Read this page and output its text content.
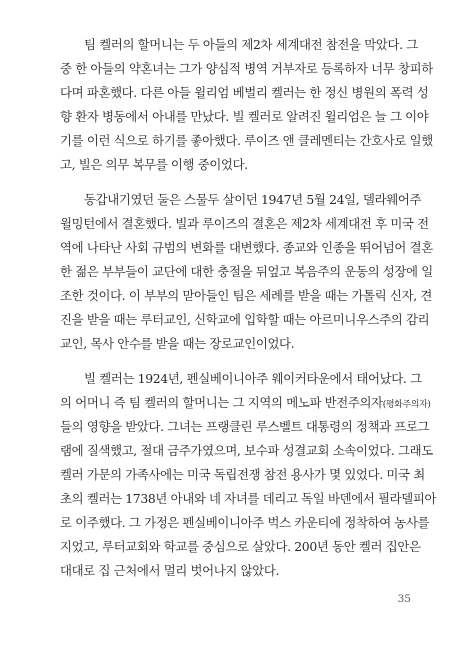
팀 켈러의 할머니는 두 아들의 제2차 세계대전 참전을 막았다. 그
중 한 아들의 약혼녀는 그가 양심적 병역 거부자로 등록하자 너무 창피하
다며 파혼했다. 다른 아들 윌리엄 베벌리 켈러는 한 정신 병원의 폭력 성
향 환자 병동에서 아내를 만났다. 빌 켈러로 알려진 윌리엄은 늘 그 이야
기를 이런 식으로 하기를 좋아했다. 루이즈 앤 클레멘티는 간호사로 일했
고, 빌은 의무 복무를 이행 중이었다.
동갑내기였던 둘은 스물두 살이던 1947년 5월 24일, 델라웨어주
윌밍턴에서 결혼했다. 빌과 루이즈의 결혼은 제2차 세계대전 후 미국 전
역에 나타난 사회 규범의 변화를 대변했다. 종교와 인종을 뛰어넘어 결혼
한 젊은 부부들이 교단에 대한 충절을 뒤엎고 복음주의 운동의 성장에 일
조한 것이다. 이 부부의 맏아들인 팀은 세례를 받을 때는 가톨릭 신자, 견
진을 받을 때는 루터교인, 신학교에 입학할 때는 아르미니우스주의 감리
교인, 목사 안수를 받을 때는 장로교인이었다.
빌 켈러는 1924년, 펜실베이니아주 웨이커타운에서 태어났다. 그
의 어머니 즉 팀 켈러의 할머니는 그 지역의 메노파 반전주의자(평화주의자)
들의 영향을 받았다. 그녀는 프랭클린 루스벨트 대통령의 정책과 프로그
램에 질색했고, 절대 금주가였으며, 보수파 성결교회 소속이었다. 그래도
켈러 가문의 가족사에는 미국 독립전쟁 참전 용사가 몇 있었다. 미국 최
초의 켈러는 1738년 아내와 네 자녀를 데리고 독일 바덴에서 필라델피아
로 이주했다. 그 가정은 펜실베이니아주 벅스 카운티에 정착하여 농사를
지었고, 루터교회와 학교를 중심으로 살았다. 200년 동안 켈러 집안은
대대로 집 근처에서 멀리 벗어나지 않았다.
35
